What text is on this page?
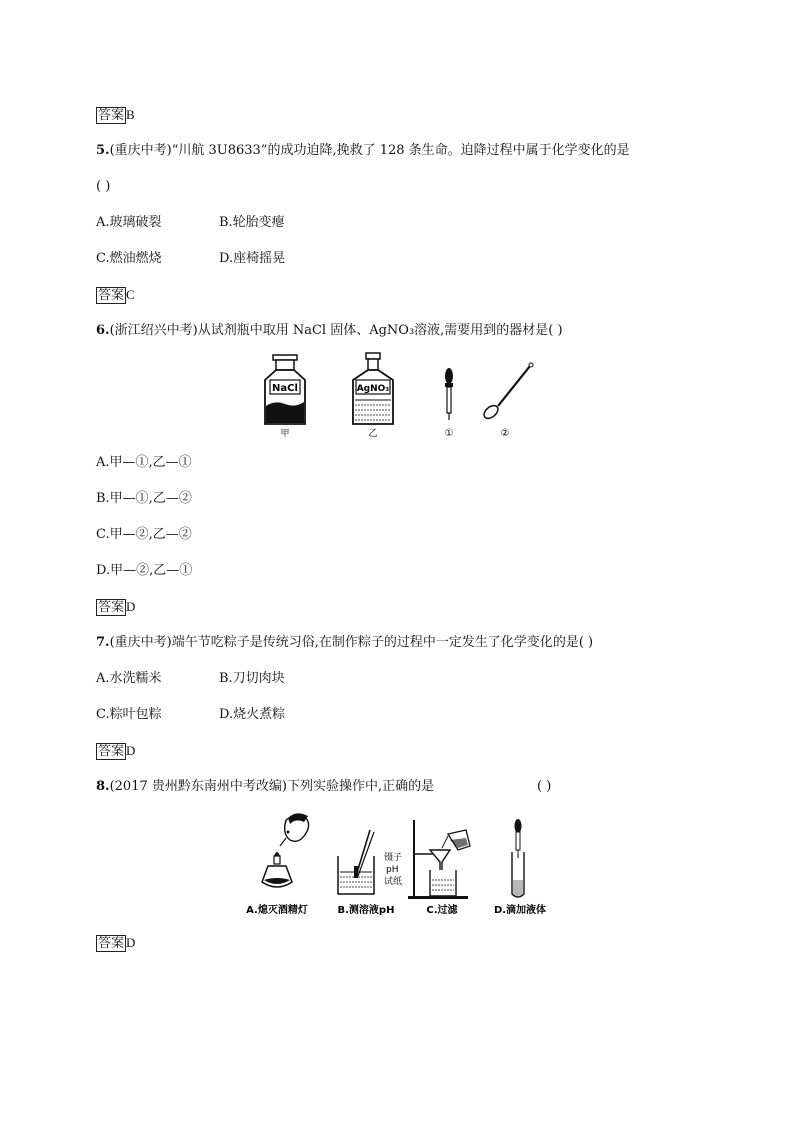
答案 B
5.(重庆中考)“川航 3U8633”的成功迫降,挽救了 128 条生命。迫降过程中属于化学变化的是
( )
A.玻璃破裂	B.轮胎变瘪
C.燃油燃烧	D.座椅摇晃
答案 C
6.(浙江绍兴中考)从试剂瓶中取用 NaCl 固体、AgNO₃溶液,需要用到的器材是( )
NaCl
甲
AgNO₃
乙	①	②
A.甲—①,乙—①
B.甲—①,乙—②
C.甲—②,乙—②
D.甲—②,乙—①
答案 D
7.(重庆中考)端午节吃粽子是传统习俗,在制作粽子的过程中一定发生了化学变化的是( )
A.水洗糯米	B.刀切肉块
C.粽叶包粽	D.烧火煮粽
答案 D
8.(2017 贵州黔东南州中考改编)下列实验操作中,正确的是	( )
A.熄灭酒精灯
镊子
pH
试纸
B.测溶液pH	C.过滤	D.滴加液体
答案 D
